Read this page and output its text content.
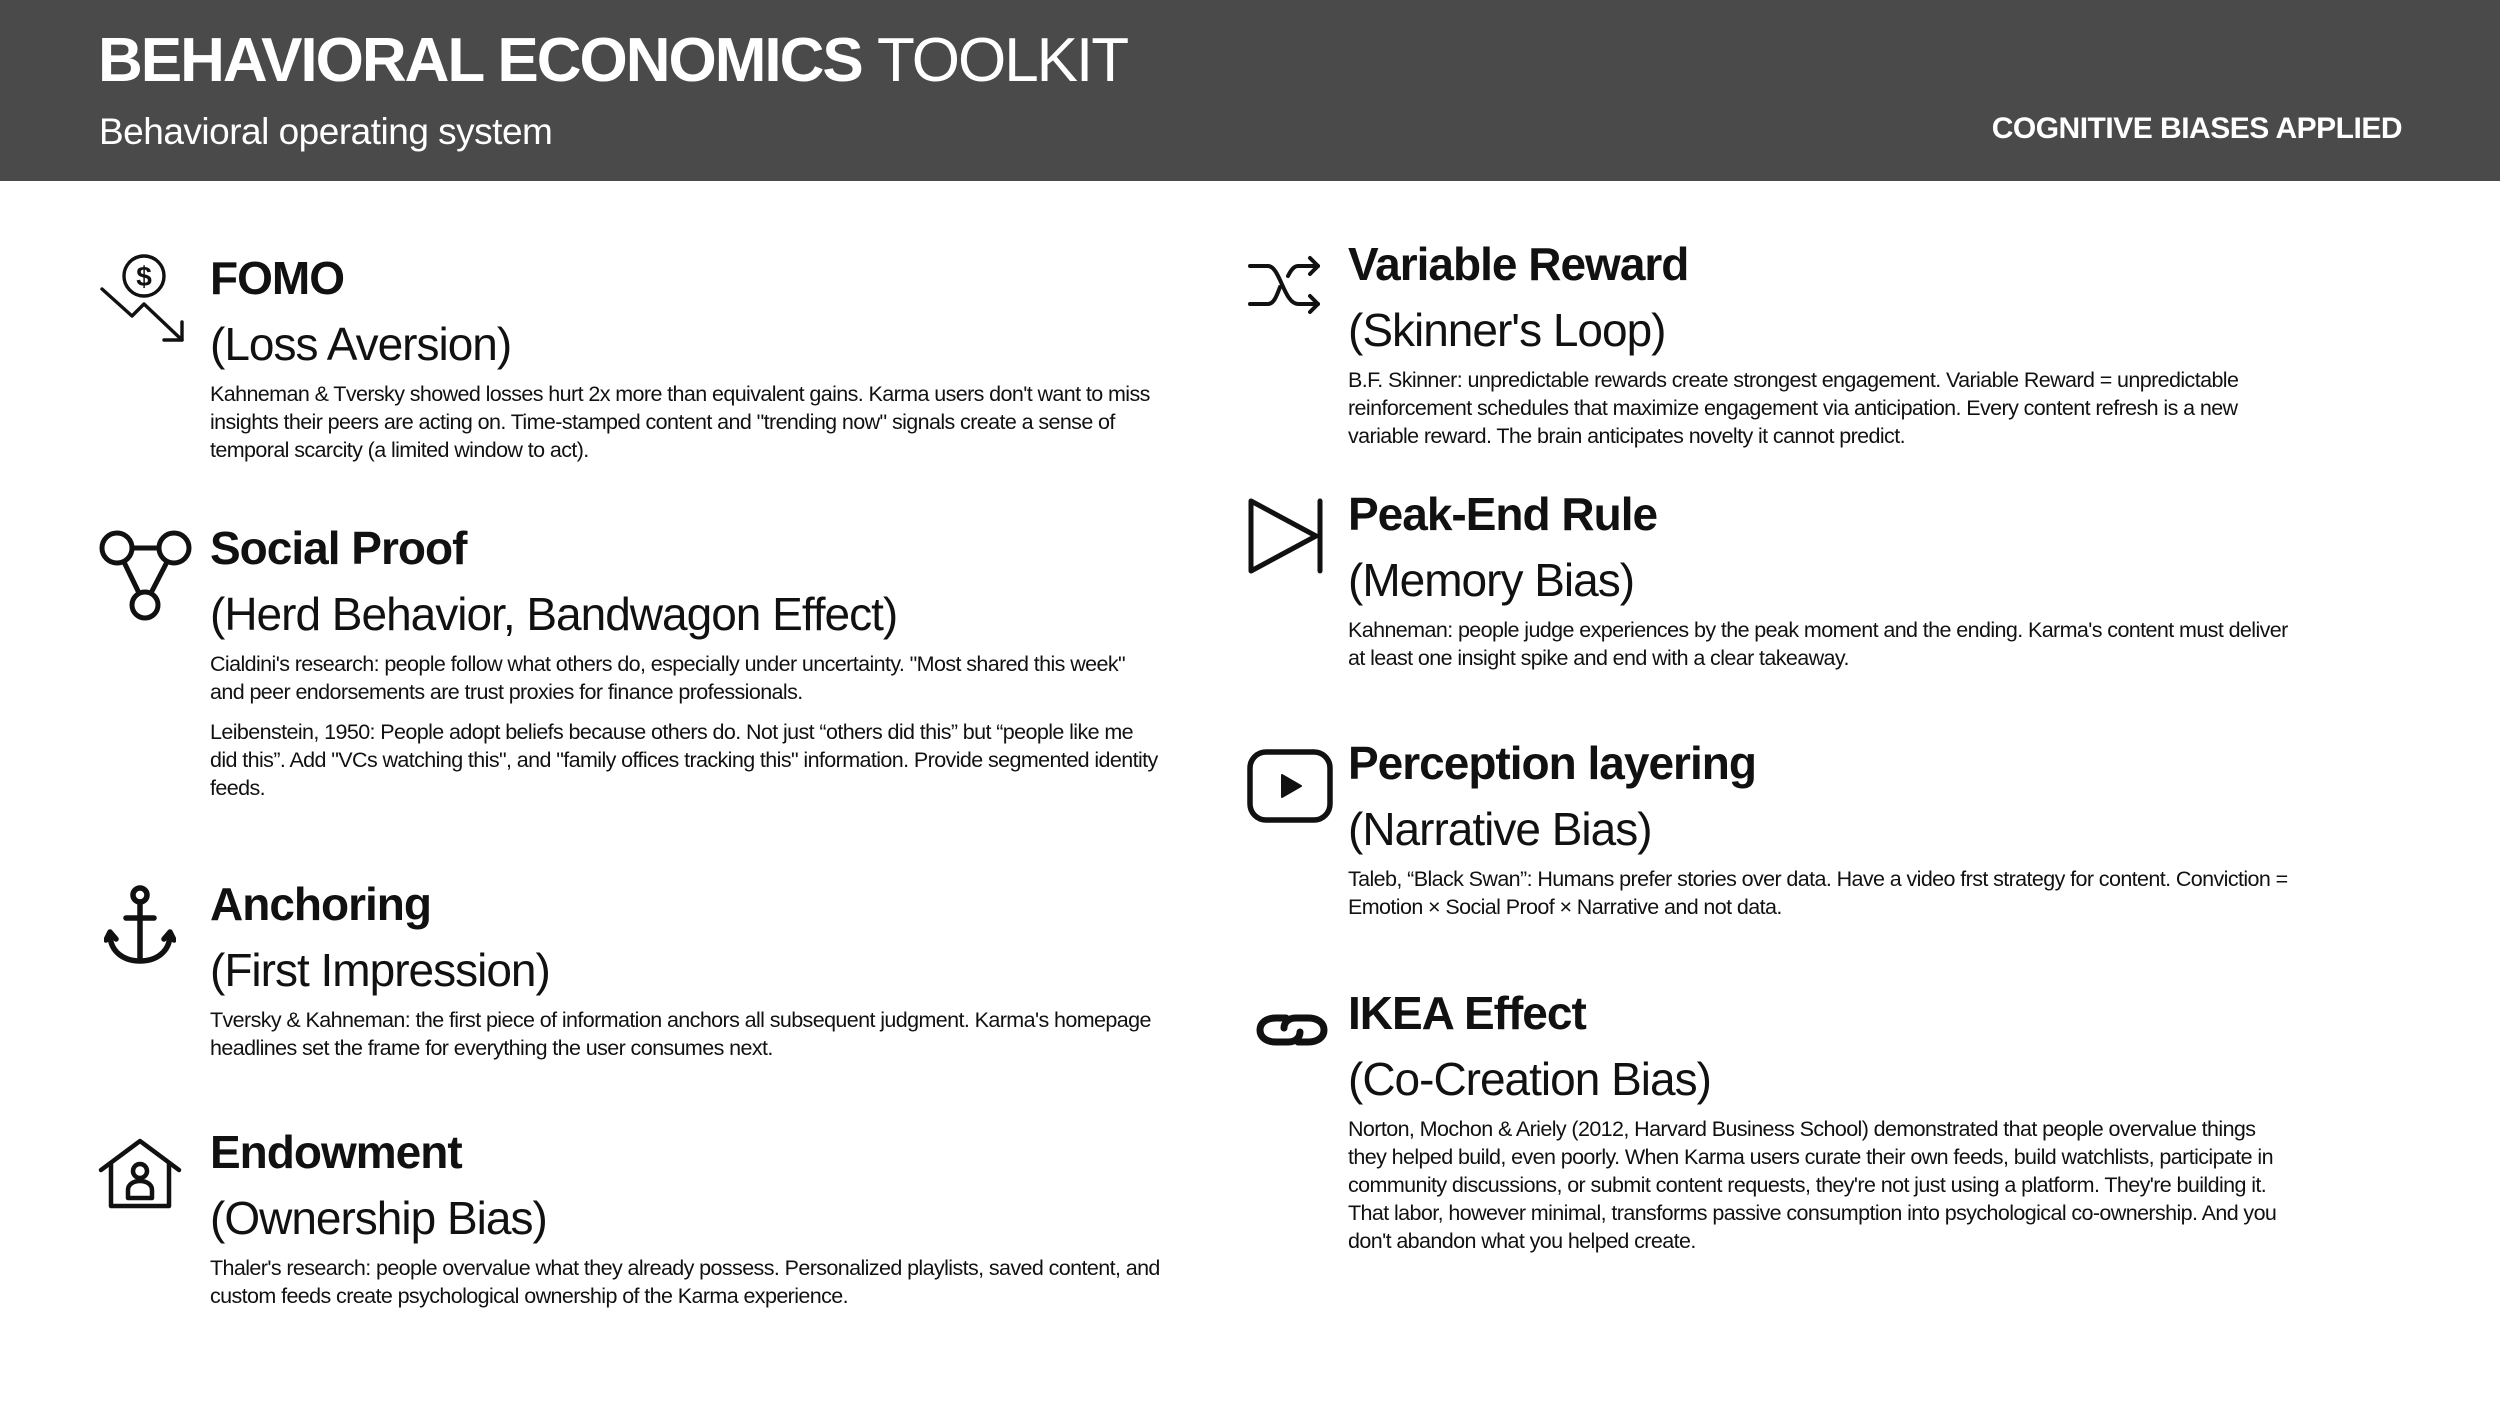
BEHAVIORAL ECONOMICS TOOLKIT
Behavioral operating system	COGNITIVE BIASES APPLIED
$ FOMO
(Loss Aversion)

Kahneman & Tversky showed losses hurt 2x more than equivalent gains. Karma users don't want to miss insights their peers are acting on. Time-stamped content and "trending now" signals create a sense of temporal scarcity (a limited window to act).

Social Proof
(Herd Behavior, Bandwagon Effect)

Cialdini's research: people follow what others do, especially under uncertainty. "Most shared this week" and peer endorsements are trust proxies for finance professionals.

Leibenstein, 1950: People adopt beliefs because others do. Not just “others did this” but “people like me did this”. Add "VCs watching this", and "family offices tracking this" information. Provide segmented identity feeds.

Anchoring
(First Impression)

Tversky & Kahneman: the first piece of information anchors all subsequent judgment. Karma's homepage headlines set the frame for everything the user consumes next.

Endowment
(Ownership Bias)

Thaler's research: people overvalue what they already possess. Personalized playlists, saved content, and custom feeds create psychological ownership of the Karma experience.

Variable Reward
(Skinner's Loop)

B.F. Skinner: unpredictable rewards create strongest engagement. Variable Reward = unpredictable reinforcement schedules that maximize engagement via anticipation. Every content refresh is a new variable reward. The brain anticipates novelty it cannot predict.

Peak-End Rule
(Memory Bias)

Kahneman: people judge experiences by the peak moment and the ending. Karma's content must deliver at least one insight spike and end with a clear takeaway.

Perception layering
(Narrative Bias)

Taleb, “Black Swan”: Humans prefer stories over data. Have a video frst strategy for content. Conviction = Emotion × Social Proof × Narrative and not data.

IKEA Effect
(Co-Creation Bias)

Norton, Mochon & Ariely (2012, Harvard Business School) demonstrated that people overvalue things they helped build, even poorly. When Karma users curate their own feeds, build watchlists, participate in community discussions, or submit content requests, they're not just using a platform. They're building it. That labor, however minimal, transforms passive consumption into psychological co-ownership. And you don't abandon what you helped create.
